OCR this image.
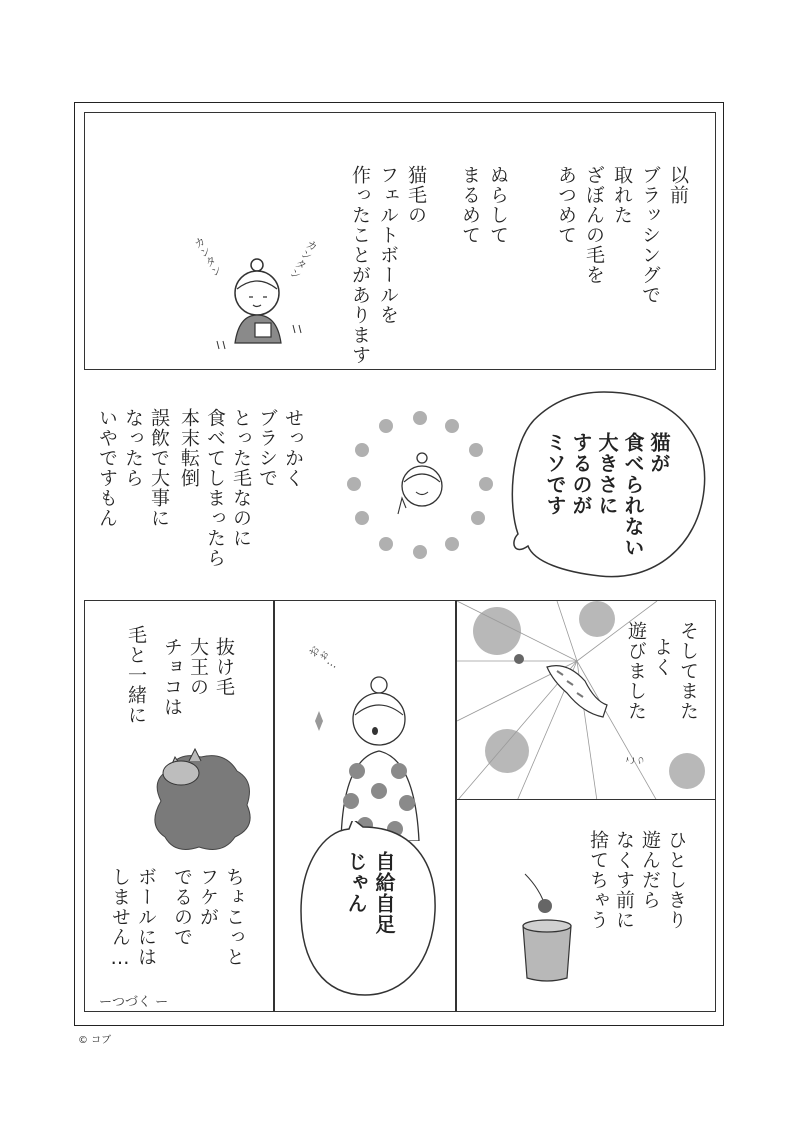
以前
ブラッシングで
取れた
ざぼんの毛を
あつめて
ぬらして
まるめて
猫毛の
フェルトボールを
作ったことがあります
カンタン	カンタン
せっかく
ブラシで
とった毛なのに
食べてしまったら
本末転倒
誤飲で大事に
なったら
いやですもん	猫が
食べられない
大きさに
するのが
ミソです
そしてまた
よく
遊びました
こっ
抜け毛
大王の
チョコは
毛と一緒に
ちょこっと
フケが
でるので
ボールには
しません…
ーつづく ー
おぉ…
自給自足
じゃん	ひとしきり
遊んだら
なくす前に
捨てちゃう
© コブ
